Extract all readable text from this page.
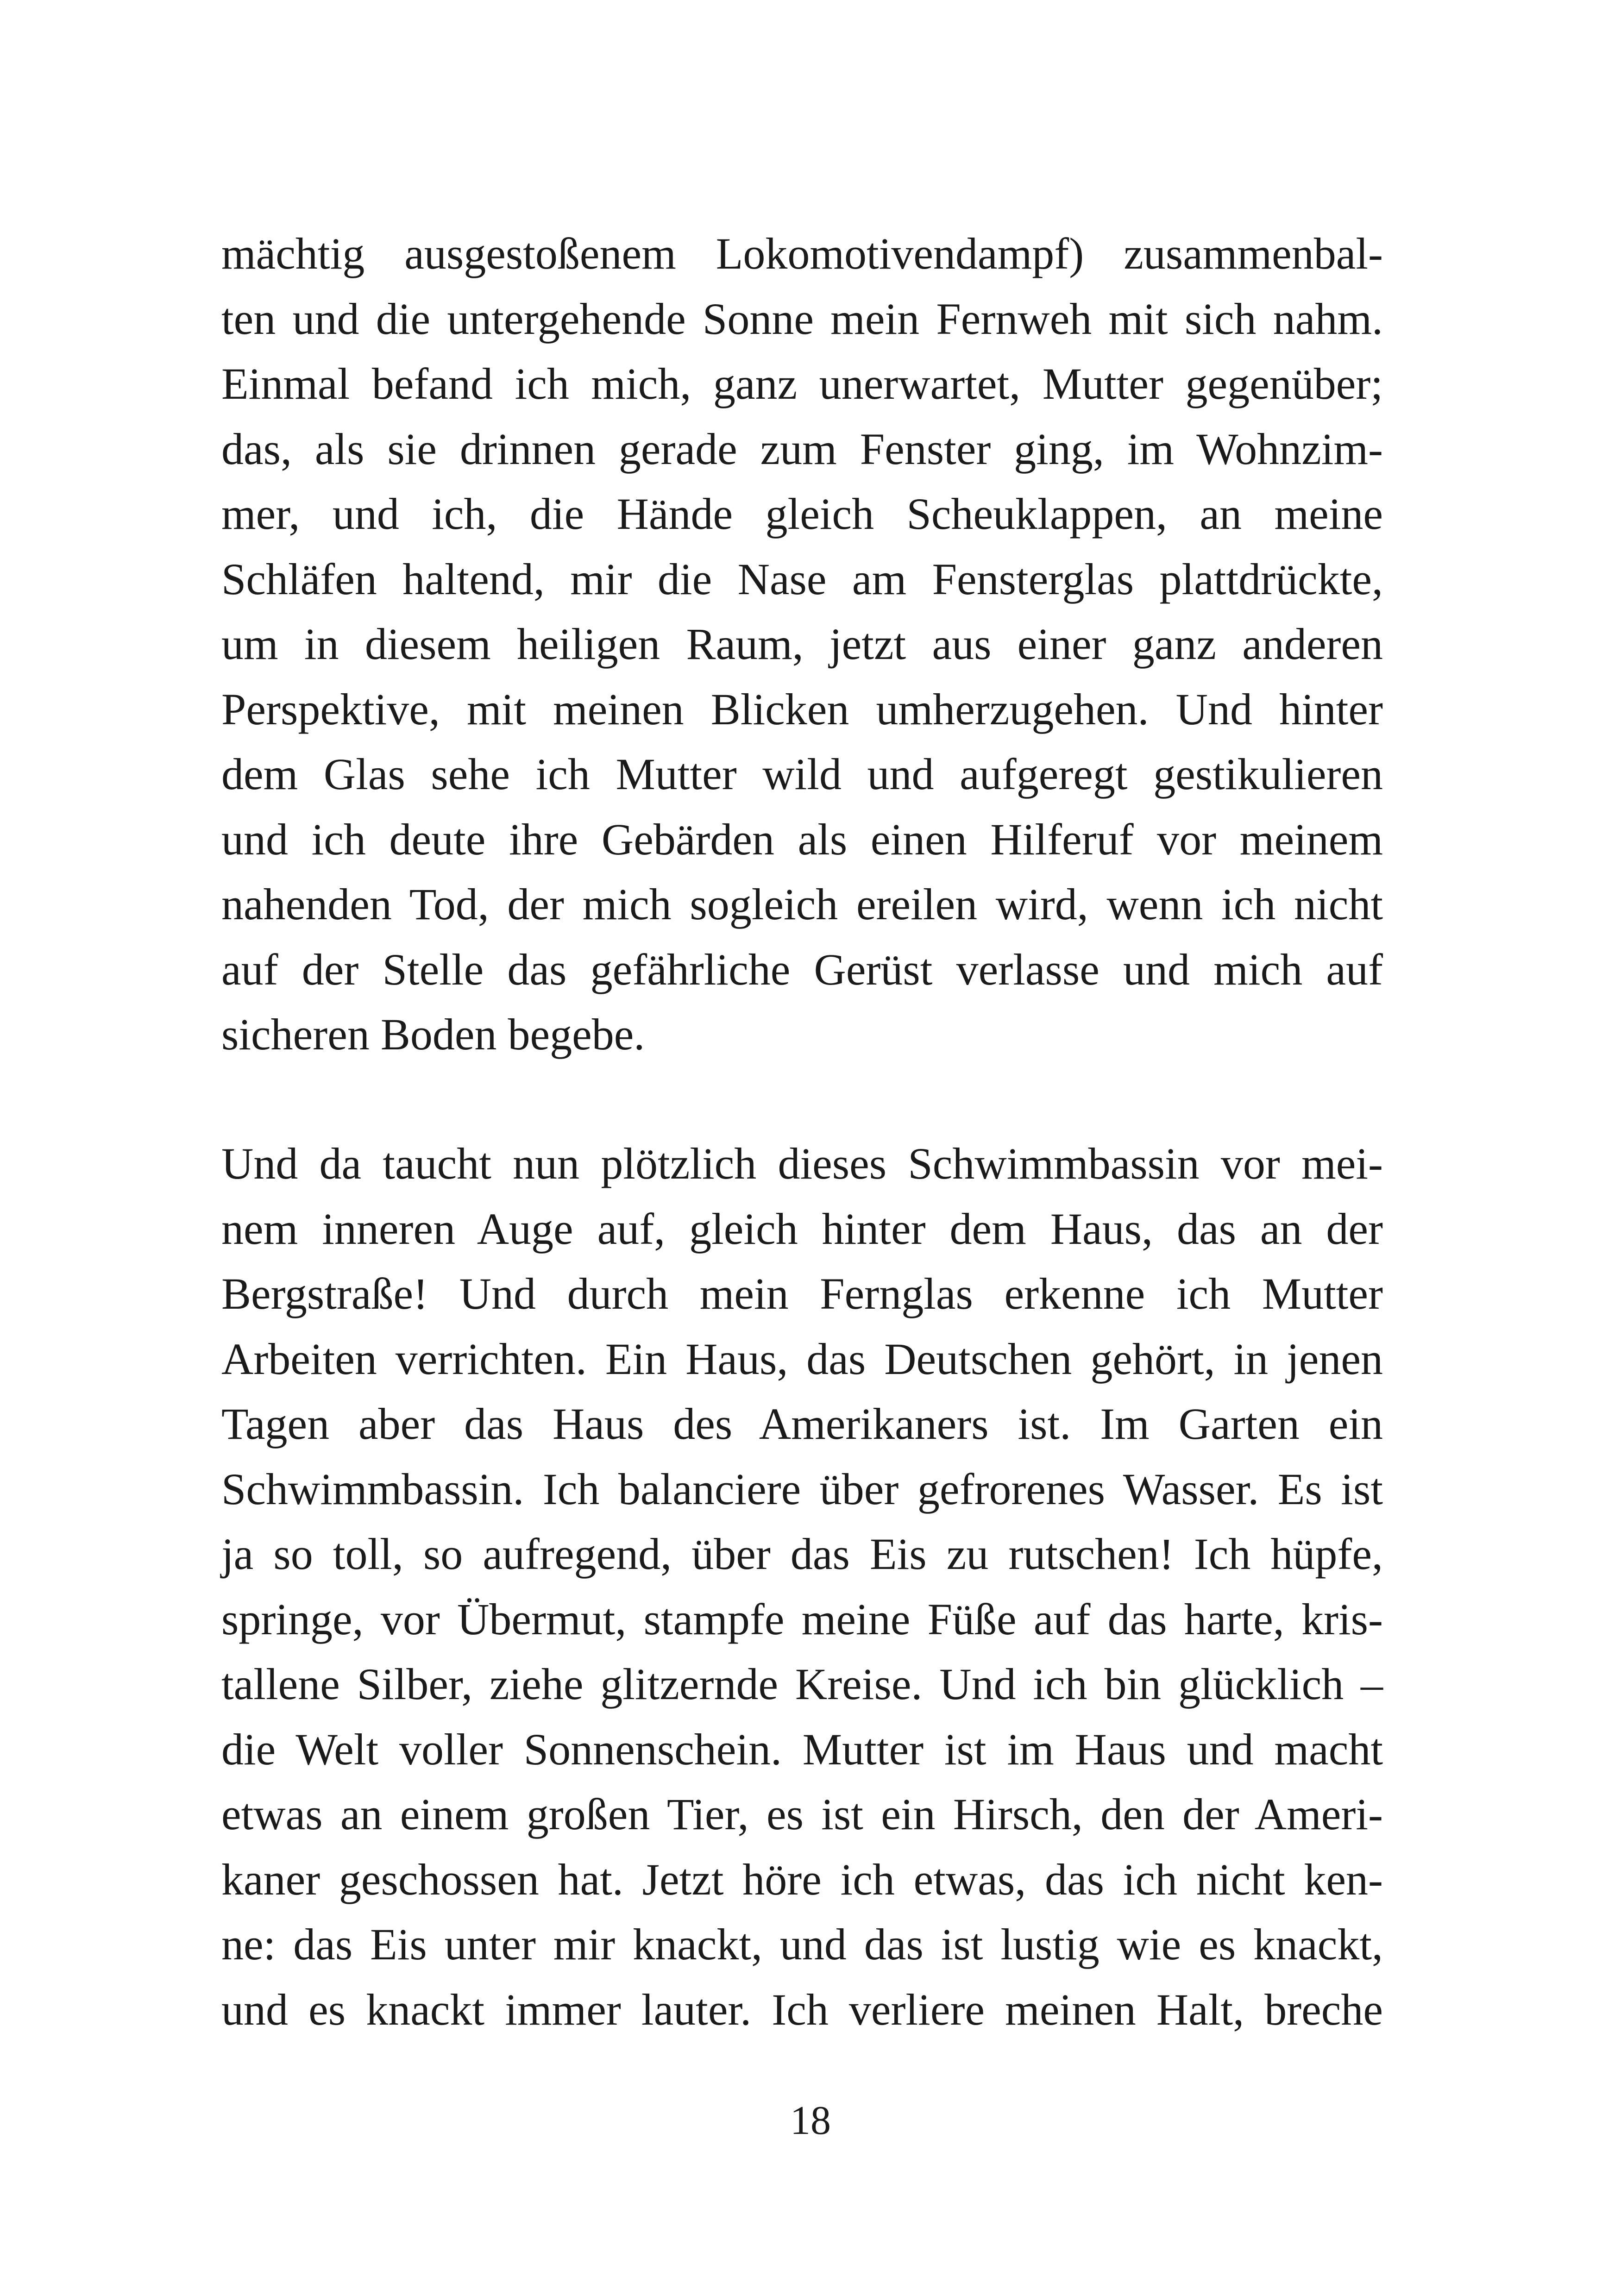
mächtig ausgestoßenem Lokomotivendampf) zusammenbal-
ten und die untergehende Sonne mein Fernweh mit sich nahm.
Einmal befand ich mich, ganz unerwartet, Mutter gegenüber;
das, als sie drinnen gerade zum Fenster ging, im Wohnzim-
mer, und ich, die Hände gleich Scheuklappen, an meine
Schläfen haltend, mir die Nase am Fensterglas plattdrückte,
um in diesem heiligen Raum, jetzt aus einer ganz anderen
Perspektive, mit meinen Blicken umherzugehen. Und hinter
dem Glas sehe ich Mutter wild und aufgeregt gestikulieren
und ich deute ihre Gebärden als einen Hilferuf vor meinem
nahenden Tod, der mich sogleich ereilen wird, wenn ich nicht
auf der Stelle das gefährliche Gerüst verlasse und mich auf
sicheren Boden begebe.
Und da taucht nun plötzlich dieses Schwimmbassin vor mei-
nem inneren Auge auf, gleich hinter dem Haus, das an der
Bergstraße! Und durch mein Fernglas erkenne ich Mutter
Arbeiten verrichten. Ein Haus, das Deutschen gehört, in jenen
Tagen aber das Haus des Amerikaners ist. Im Garten ein
Schwimmbassin. Ich balanciere über gefrorenes Wasser. Es ist
ja so toll, so aufregend, über das Eis zu rutschen! Ich hüpfe,
springe, vor Übermut, stampfe meine Füße auf das harte, kris-
tallene Silber, ziehe glitzernde Kreise. Und ich bin glücklich –
die Welt voller Sonnenschein. Mutter ist im Haus und macht
etwas an einem großen Tier, es ist ein Hirsch, den der Ameri-
kaner geschossen hat. Jetzt höre ich etwas, das ich nicht ken-
ne: das Eis unter mir knackt, und das ist lustig wie es knackt,
und es knackt immer lauter. Ich verliere meinen Halt, breche
18
